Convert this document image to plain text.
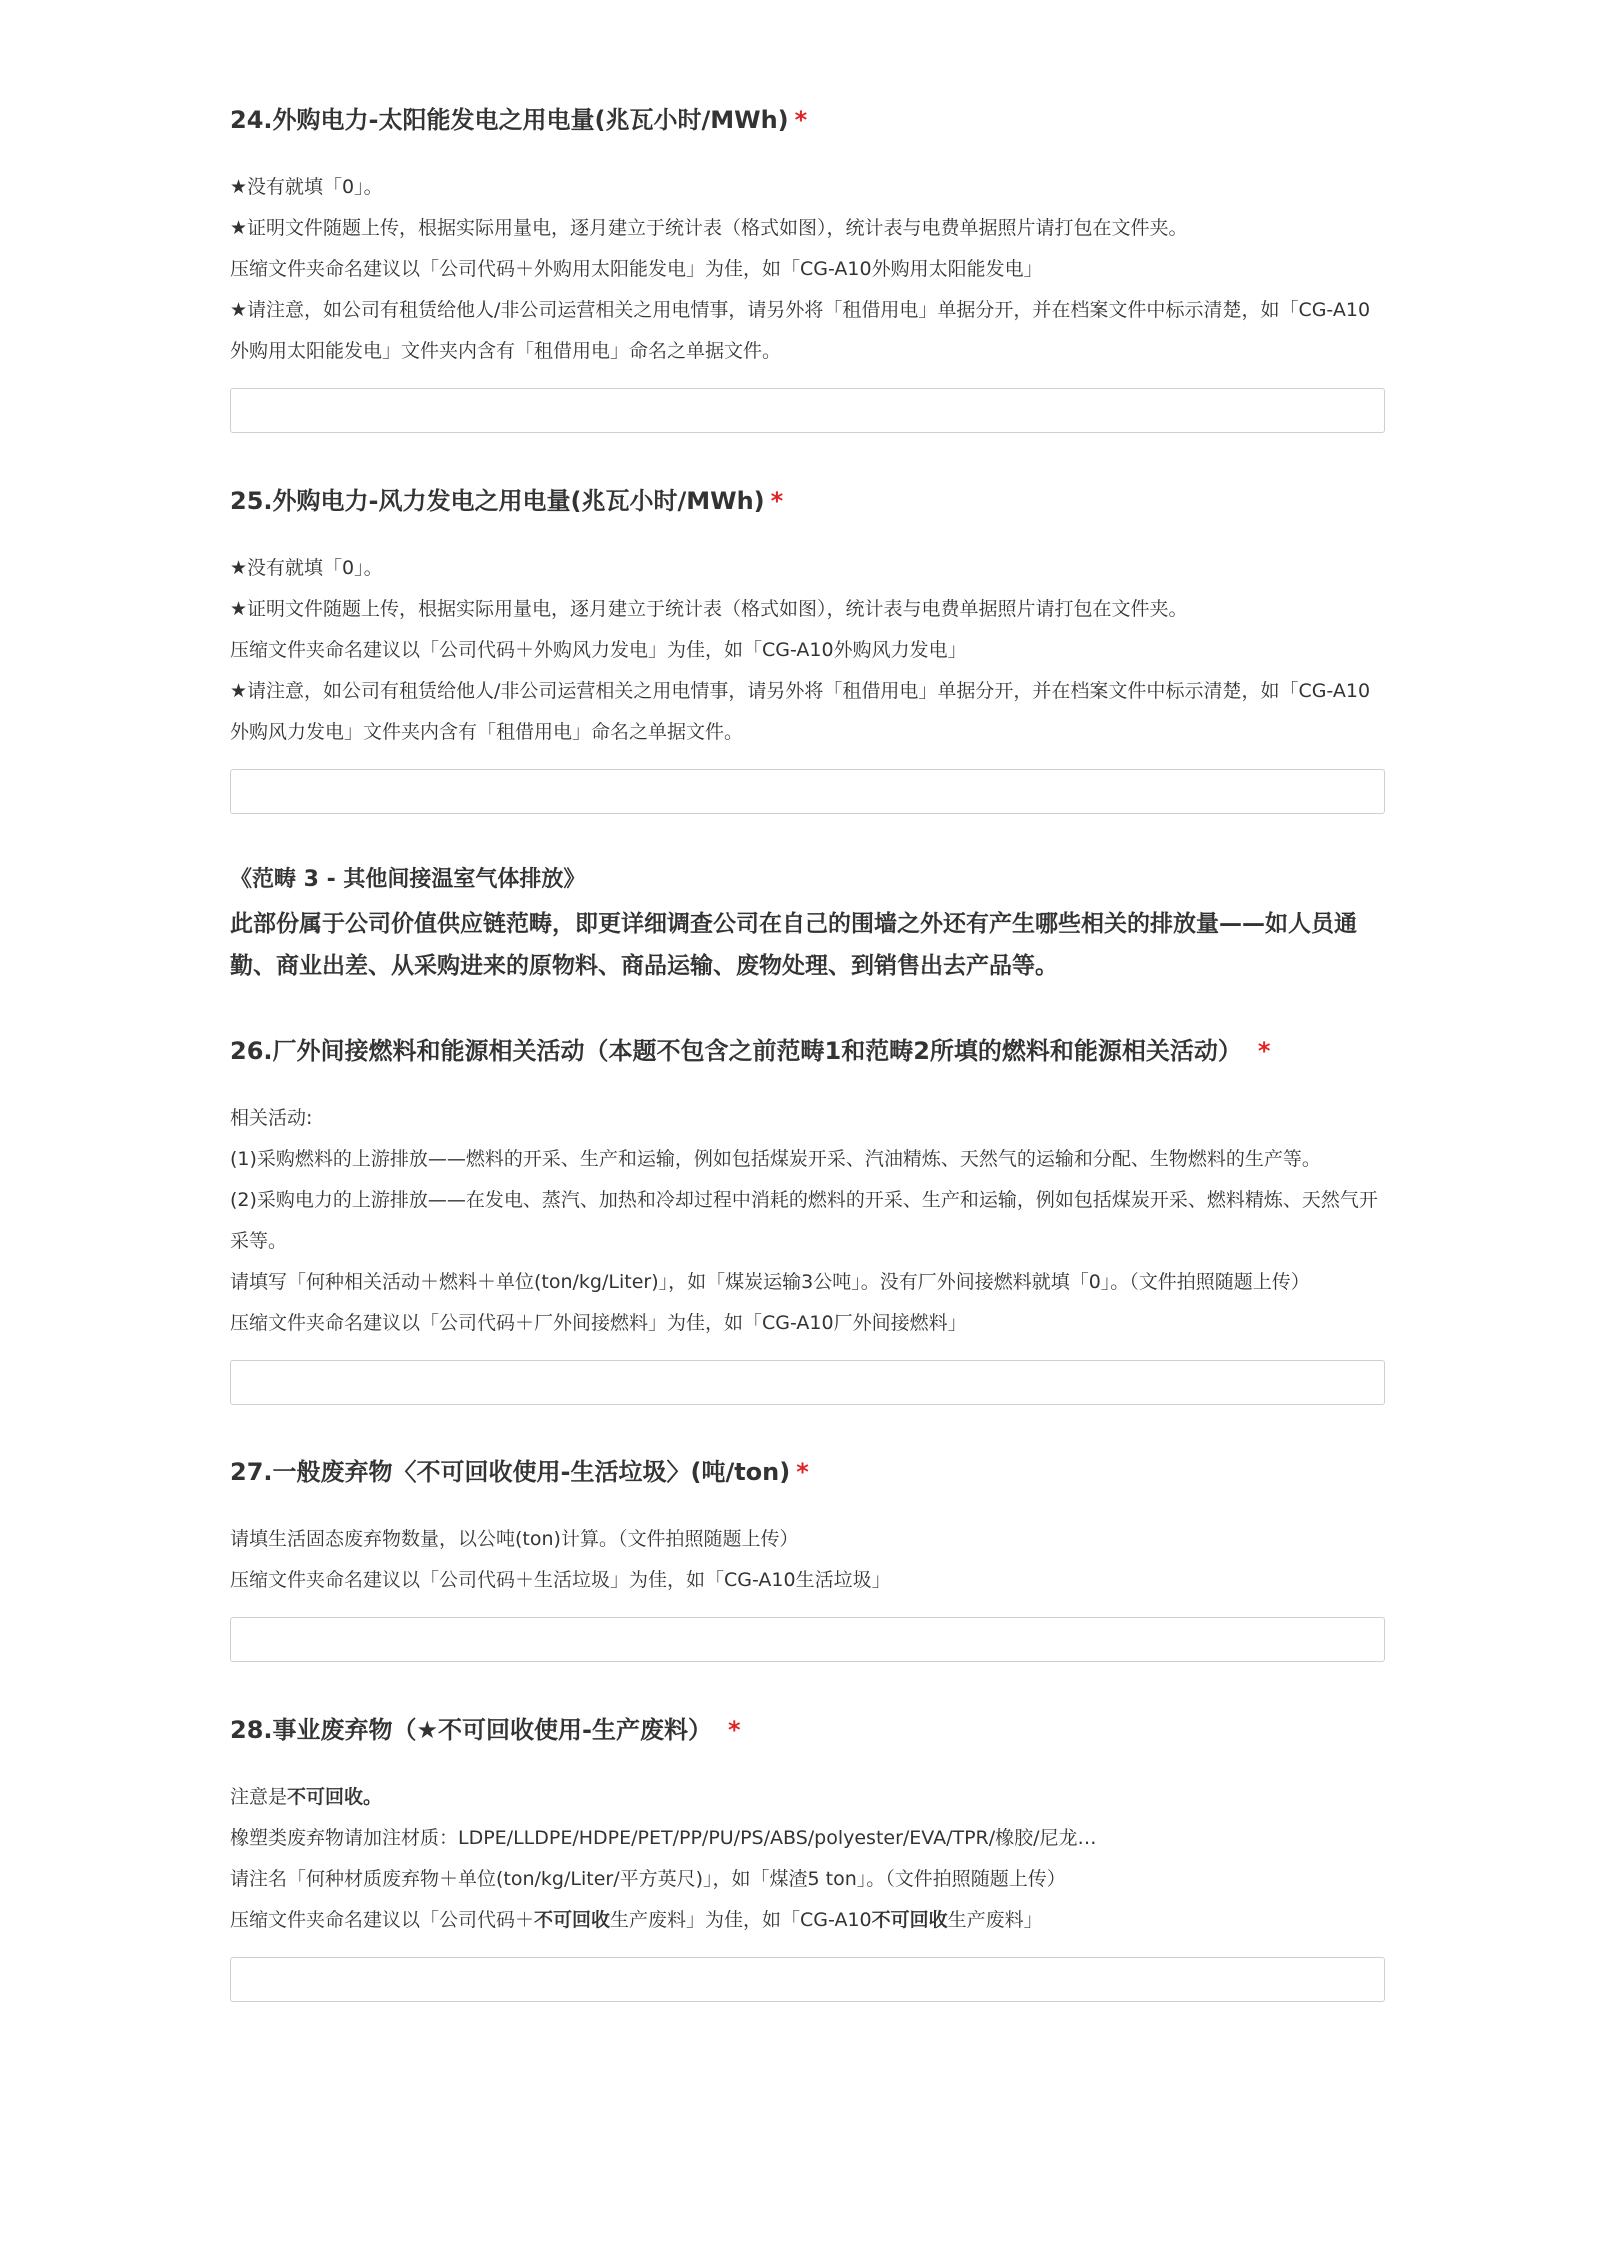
24.外购电力-太阳能发电之用电量(兆瓦小时/MWh) *

★没有就填「0」。

★证明文件随题上传，根据实际用量电，逐月建立于统计表（格式如图），统计表与电费单据照片请打包在文件夹。

压缩文件夹命名建议以「公司代码＋外购用太阳能发电」为佳，如「CG-A10外购用太阳能发电」

★请注意，如公司有租赁给他人/非公司运营相关之用电情事，请另外将「租借用电」单据分开，并在档案文件中标示清楚，如「CG-A10外购用太阳能发电」文件夹内含有「租借用电」命名之单据文件。

25.外购电力-风力发电之用电量(兆瓦小时/MWh) *

★没有就填「0」。

★证明文件随题上传，根据实际用量电，逐月建立于统计表（格式如图），统计表与电费单据照片请打包在文件夹。

压缩文件夹命名建议以「公司代码＋外购风力发电」为佳，如「CG-A10外购风力发电」

★请注意，如公司有租赁给他人/非公司运营相关之用电情事，请另外将「租借用电」单据分开，并在档案文件中标示清楚，如「CG-A10外购风力发电」文件夹内含有「租借用电」命名之单据文件。

《范畴 3 - 其他间接温室气体排放》

此部份属于公司价值供应链范畴，即更详细调查公司在自己的围墙之外还有产生哪些相关的排放量——如人员通勤、商业出差、从采购进来的原物料、商品运输、废物处理、到销售出去产品等。

26.厂外间接燃料和能源相关活动（本题不包含之前范畴1和范畴2所填的燃料和能源相关活动） *

相关活动:

(1)采购燃料的上游排放——燃料的开采、生产和运输，例如包括煤炭开采、汽油精炼、天然气的运输和分配、生物燃料的生产等。

(2)采购电力的上游排放——在发电、蒸汽、加热和冷却过程中消耗的燃料的开采、生产和运输，例如包括煤炭开采、燃料精炼、天然气开采等。

请填写「何种相关活动＋燃料＋单位(ton/kg/Liter)」，如「煤炭运输3公吨」。没有厂外间接燃料就填「0」。（文件拍照随题上传）

压缩文件夹命名建议以「公司代码＋厂外间接燃料」为佳，如「CG-A10厂外间接燃料」

27.一般废弃物〈不可回收使用-生活垃圾〉(吨/ton) *

请填生活固态废弃物数量，以公吨(ton)计算。（文件拍照随题上传）

压缩文件夹命名建议以「公司代码＋生活垃圾」为佳，如「CG-A10生活垃圾」

28.事业废弃物（★不可回收使用-生产废料） *

注意是不可回收。

橡塑类废弃物请加注材质：LDPE/LLDPE/HDPE/PET/PP/PU/PS/ABS/polyester/EVA/TPR/橡胶/尼龙…

请注名「何种材质废弃物＋单位(ton/kg/Liter/平方英尺)」，如「煤渣5 ton」。（文件拍照随题上传）

压缩文件夹命名建议以「公司代码＋不可回收生产废料」为佳，如「CG-A10不可回收生产废料」
